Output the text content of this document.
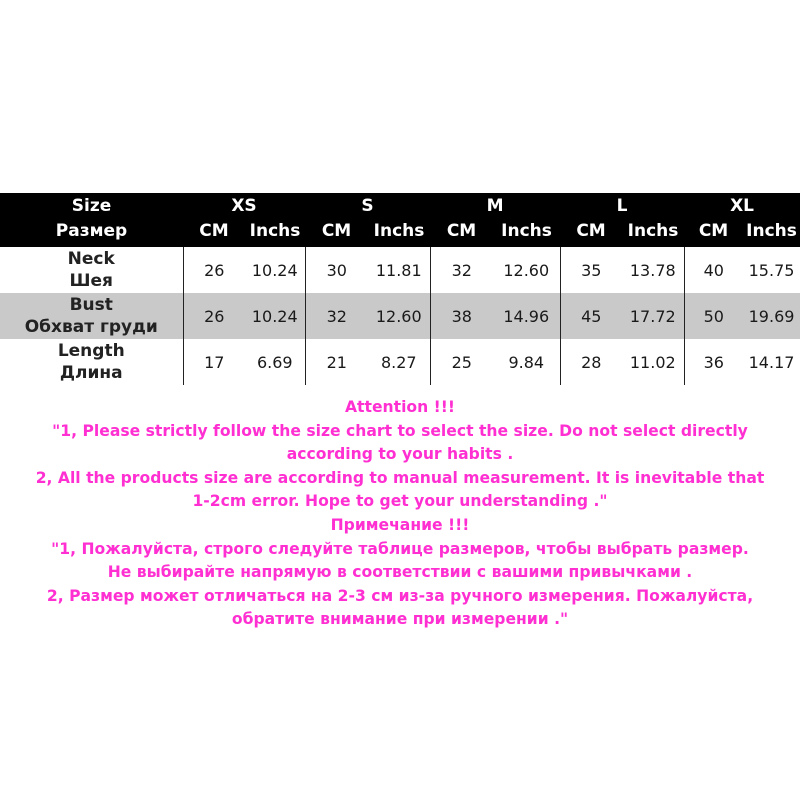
Size	XS		S		M		L		XL	
Размер	CM	Inchs	CM	Inchs	CM	Inchs	CM	Inchs	CM	Inchs
Neck
Шея	26	10.24	30	11.81	32	12.60	35	13.78	40	15.75
Bust
Обхват груди	26	10.24	32	12.60	38	14.96	45	17.72	50	19.69
Length
Длина	17	6.69	21	8.27	25	9.84	28	11.02	36	14.17

Attention !!!

"1, Please strictly follow the size chart to select the size. Do not select directly

according to your habits .

2, All the products size are according to manual measurement. It is inevitable that

1-2cm error. Hope to get your understanding ."

Примечание !!!

"1, Пожалуйста, строго следуйте таблице размеров, чтобы выбрать размер.

Не выбирайте напрямую в соответствии с вашими привычками .

2, Размер может отличаться на 2-3 см из-за ручного измерения. Пожалуйста,

обратите внимание при измерении ."
